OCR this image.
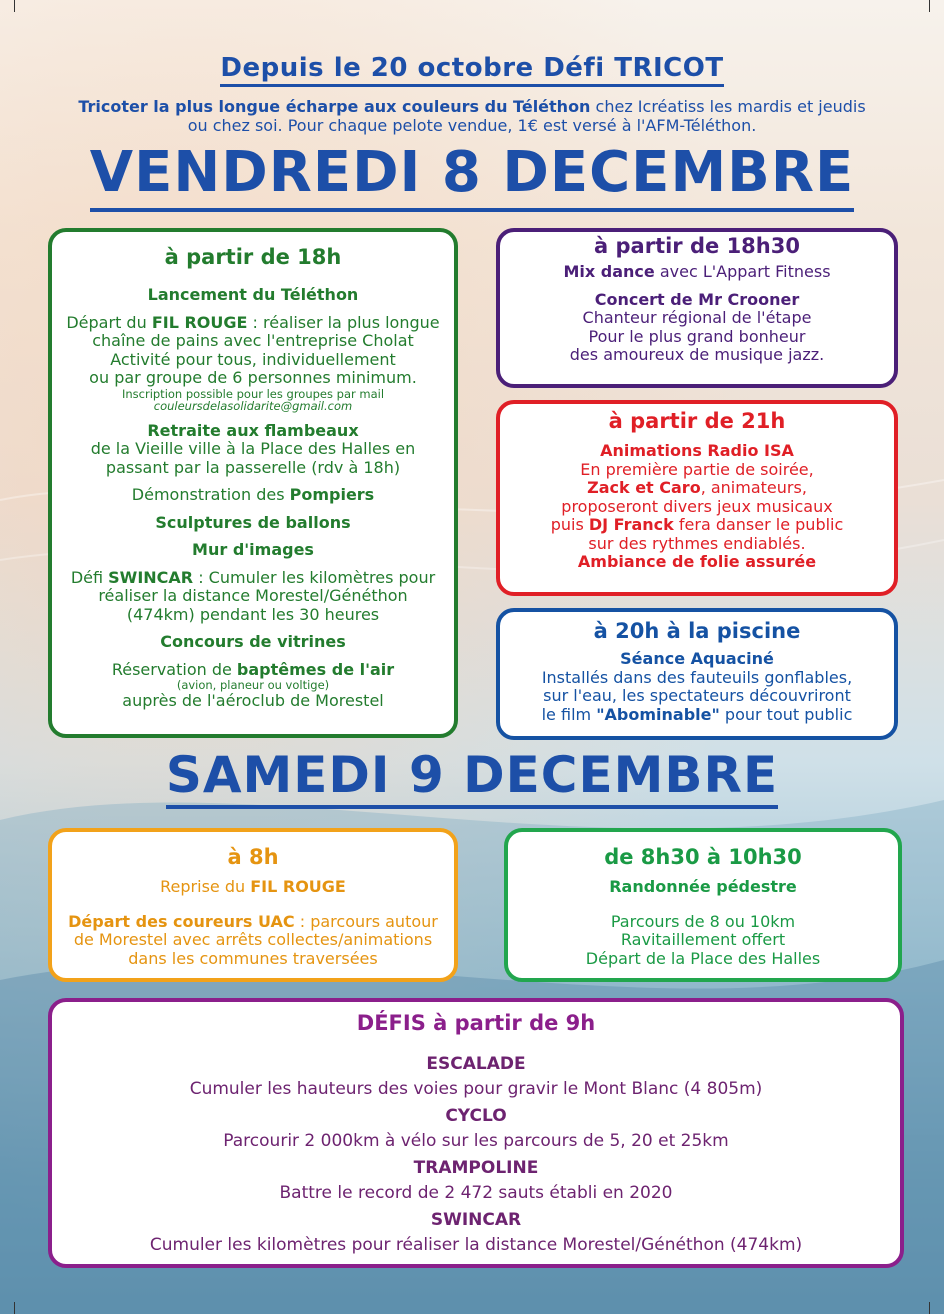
Depuis le 20 octobre Défi TRICOT
Tricoter la plus longue écharpe aux couleurs du Téléthon chez Icréatiss les mardis et jeudis
ou chez soi. Pour chaque pelote vendue, 1€ est versé à l'AFM-Téléthon.
VENDREDI 8 DECEMBRE
à partir de 18h
Lancement du Téléthon
Départ du FIL ROUGE : réaliser la plus longue
chaîne de pains avec l'entreprise Cholat
Activité pour tous, individuellement
ou par groupe de 6 personnes minimum.
Inscription possible pour les groupes par mail
couleursdelasolidarite@gmail.com
Retraite aux flambeaux
de la Vieille ville à la Place des Halles en
passant par la passerelle (rdv à 18h)
Démonstration des Pompiers
Sculptures de ballons
Mur d'images
Défi SWINCAR : Cumuler les kilomètres pour
réaliser la distance Morestel/Généthon
(474km) pendant les 30 heures
Concours de vitrines
Réservation de baptêmes de l'air
(avion, planeur ou voltige)
auprès de l'aéroclub de Morestel
à partir de 18h30
Mix dance avec L'Appart Fitness
Concert de Mr Crooner
Chanteur régional de l'étape
Pour le plus grand bonheur
des amoureux de musique jazz.
à partir de 21h
Animations Radio ISA
En première partie de soirée,
Zack et Caro, animateurs,
proposeront divers jeux musicaux
puis DJ Franck fera danser le public
sur des rythmes endiablés.
Ambiance de folie assurée
à 20h à la piscine
Séance Aquaciné
Installés dans des fauteuils gonflables,
sur l'eau, les spectateurs découvriront
le film "Abominable" pour tout public
SAMEDI 9 DECEMBRE
à 8h
Reprise du FIL ROUGE
Départ des coureurs UAC : parcours autour
de Morestel avec arrêts collectes/animations
dans les communes traversées
de 8h30 à 10h30
Randonnée pédestre
Parcours de 8 ou 10km
Ravitaillement offert
Départ de la Place des Halles
DÉFIS à partir de 9h
ESCALADE
Cumuler les hauteurs des voies pour gravir le Mont Blanc (4 805m)
CYCLO
Parcourir 2 000km à vélo sur les parcours de 5, 20 et 25km
TRAMPOLINE
Battre le record de 2 472 sauts établi en 2020
SWINCAR
Cumuler les kilomètres pour réaliser la distance Morestel/Généthon (474km)
